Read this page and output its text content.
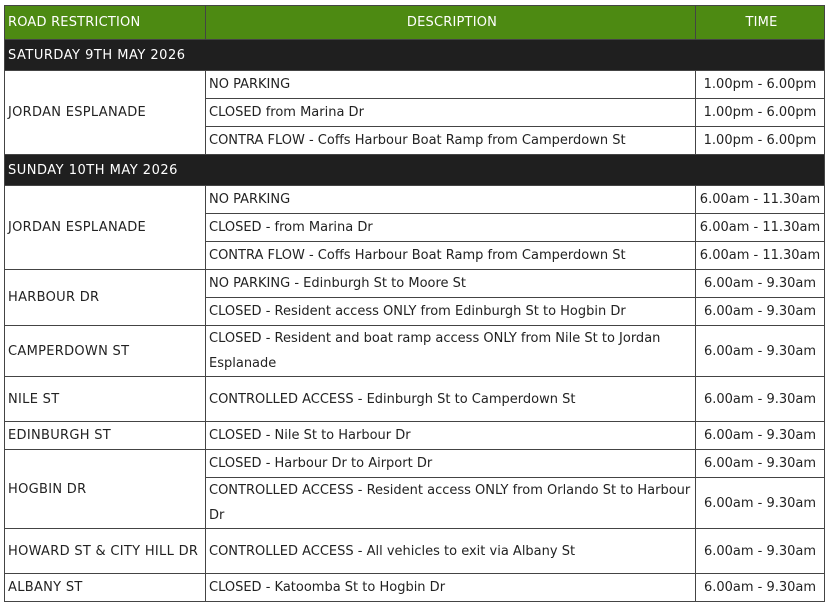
ROAD RESTRICTION	DESCRIPTION	TIME
SATURDAY 9TH MAY 2026		
JORDAN ESPLANADE	NO PARKING	1.00pm - 6.00pm
	CLOSED from Marina Dr	1.00pm - 6.00pm
	CONTRA FLOW - Coffs Harbour Boat Ramp from Camperdown St	1.00pm - 6.00pm
SUNDAY 10TH MAY 2026		
JORDAN ESPLANADE	NO PARKING	6.00am - 11.30am
	CLOSED - from Marina Dr	6.00am - 11.30am
	CONTRA FLOW - Coffs Harbour Boat Ramp from Camperdown St	6.00am - 11.30am
HARBOUR DR	NO PARKING - Edinburgh St to Moore St	6.00am - 9.30am
	CLOSED - Resident access ONLY from Edinburgh St to Hogbin Dr	6.00am - 9.30am
CAMPERDOWN ST	CLOSED - Resident and boat ramp access ONLY from Nile St to Jordan Esplanade	6.00am - 9.30am
NILE ST	CONTROLLED ACCESS - Edinburgh St to Camperdown St	6.00am - 9.30am
EDINBURGH ST	CLOSED - Nile St to Harbour Dr	6.00am - 9.30am
HOGBIN DR	CLOSED - Harbour Dr to Airport Dr	6.00am - 9.30am
	CONTROLLED ACCESS - Resident access ONLY from Orlando St to Harbour Dr	6.00am - 9.30am
HOWARD ST & CITY HILL DR	CONTROLLED ACCESS - All vehicles to exit via Albany St	6.00am - 9.30am
ALBANY ST	CLOSED - Katoomba St to Hogbin Dr	6.00am - 9.30am
